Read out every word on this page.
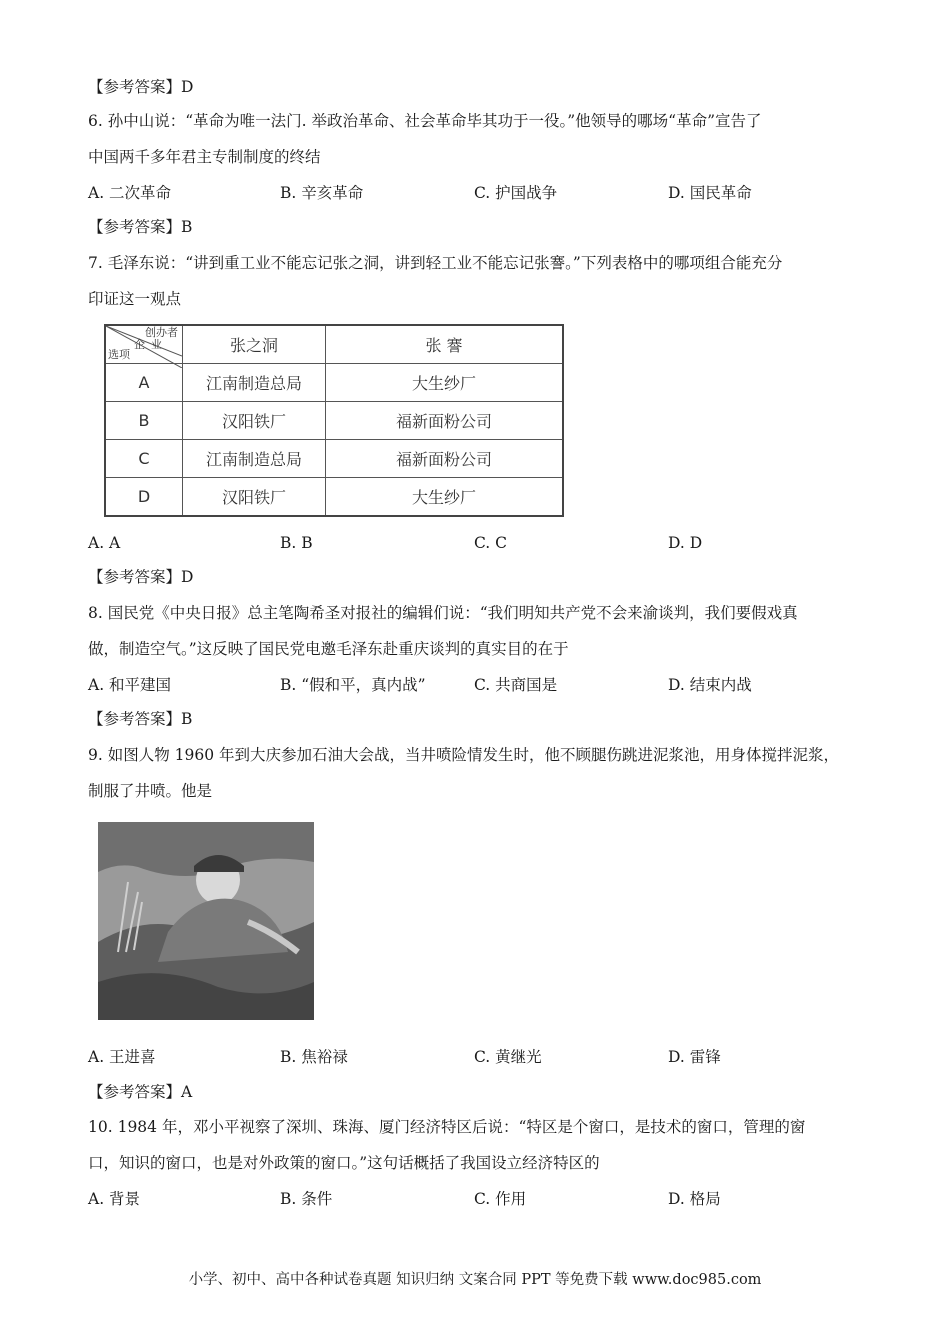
【参考答案】D
6. 孙中山说：“革命为唯一法门. 举政治革命、社会革命毕其功于一役。”他领导的哪场“革命”宣告了
中国两千多年君主专制制度的终结
A. 二次革命	B. 辛亥革命	C. 护国战争	D. 国民革命
【参考答案】B
7. 毛泽东说：“讲到重工业不能忘记张之洞，讲到轻工业不能忘记张謇。”下列表格中的哪项组合能充分
印证这一观点
创办者
企业
选项	张之洞	张 謇
A	江南制造总局	大生纱厂
B	汉阳铁厂	福新面粉公司
C	江南制造总局	福新面粉公司
D	汉阳铁厂	大生纱厂
A. A	B. B	C. C	D. D
【参考答案】D
8. 国民党《中央日报》总主笔陶希圣对报社的编辑们说：“我们明知共产党不会来渝谈判，我们要假戏真
做，制造空气。”这反映了国民党电邀毛泽东赴重庆谈判的真实目的在于
A. 和平建国	B. “假和平，真内战”	C. 共商国是	D. 结束内战
【参考答案】B
9. 如图人物 1960 年到大庆参加石油大会战，当井喷险情发生时，他不顾腿伤跳进泥浆池，用身体搅拌泥浆，
制服了井喷。他是
A. 王进喜	B. 焦裕禄	C. 黄继光	D. 雷锋
【参考答案】A
10. 1984 年，邓小平视察了深圳、珠海、厦门经济特区后说：“特区是个窗口，是技术的窗口，管理的窗
口，知识的窗口，也是对外政策的窗口。”这句话概括了我国设立经济特区的
A. 背景	B. 条件	C. 作用	D. 格局
小学、初中、高中各种试卷真题 知识归纳 文案合同 PPT 等免费下载 www.doc985.com
